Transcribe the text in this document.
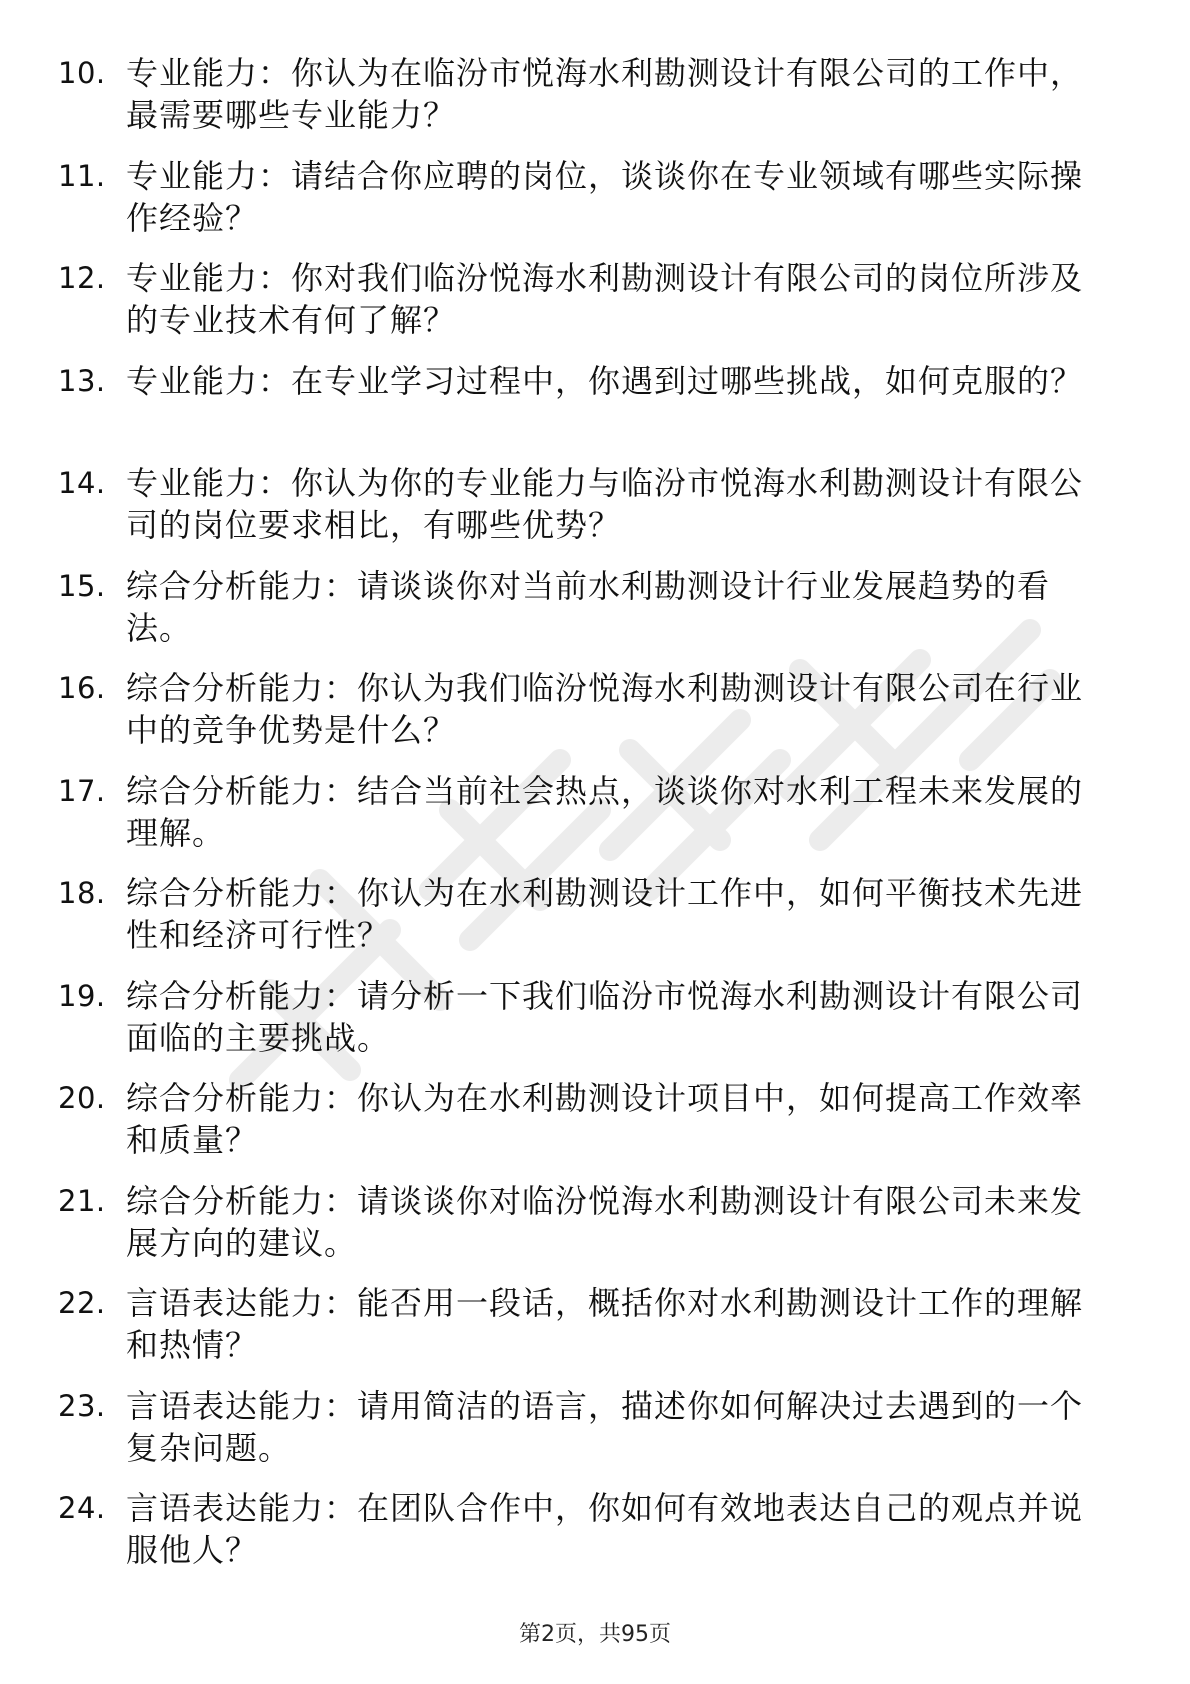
10. 专业能力：你认为在临汾市悦海水利勘测设计有限公司的工作中，最需要哪些专业能力？
11. 专业能力：请结合你应聘的岗位，谈谈你在专业领域有哪些实际操作经验？
12. 专业能力：你对我们临汾悦海水利勘测设计有限公司的岗位所涉及的专业技术有何了解？
13. 专业能力：在专业学习过程中，你遇到过哪些挑战，如何克服的？
14. 专业能力：你认为你的专业能力与临汾市悦海水利勘测设计有限公司的岗位要求相比，有哪些优势？
15. 综合分析能力：请谈谈你对当前水利勘测设计行业发展趋势的看法。
16. 综合分析能力：你认为我们临汾悦海水利勘测设计有限公司在行业中的竞争优势是什么？
17. 综合分析能力：结合当前社会热点，谈谈你对水利工程未来发展的理解。
18. 综合分析能力：你认为在水利勘测设计工作中，如何平衡技术先进性和经济可行性？
19. 综合分析能力：请分析一下我们临汾市悦海水利勘测设计有限公司面临的主要挑战。
20. 综合分析能力：你认为在水利勘测设计项目中，如何提高工作效率和质量？
21. 综合分析能力：请谈谈你对临汾悦海水利勘测设计有限公司未来发展方向的建议。
22. 言语表达能力：能否用一段话，概括你对水利勘测设计工作的理解和热情？
23. 言语表达能力：请用简洁的语言，描述你如何解决过去遇到的一个复杂问题。
24. 言语表达能力：在团队合作中，你如何有效地表达自己的观点并说服他人？
第2页，共95页
